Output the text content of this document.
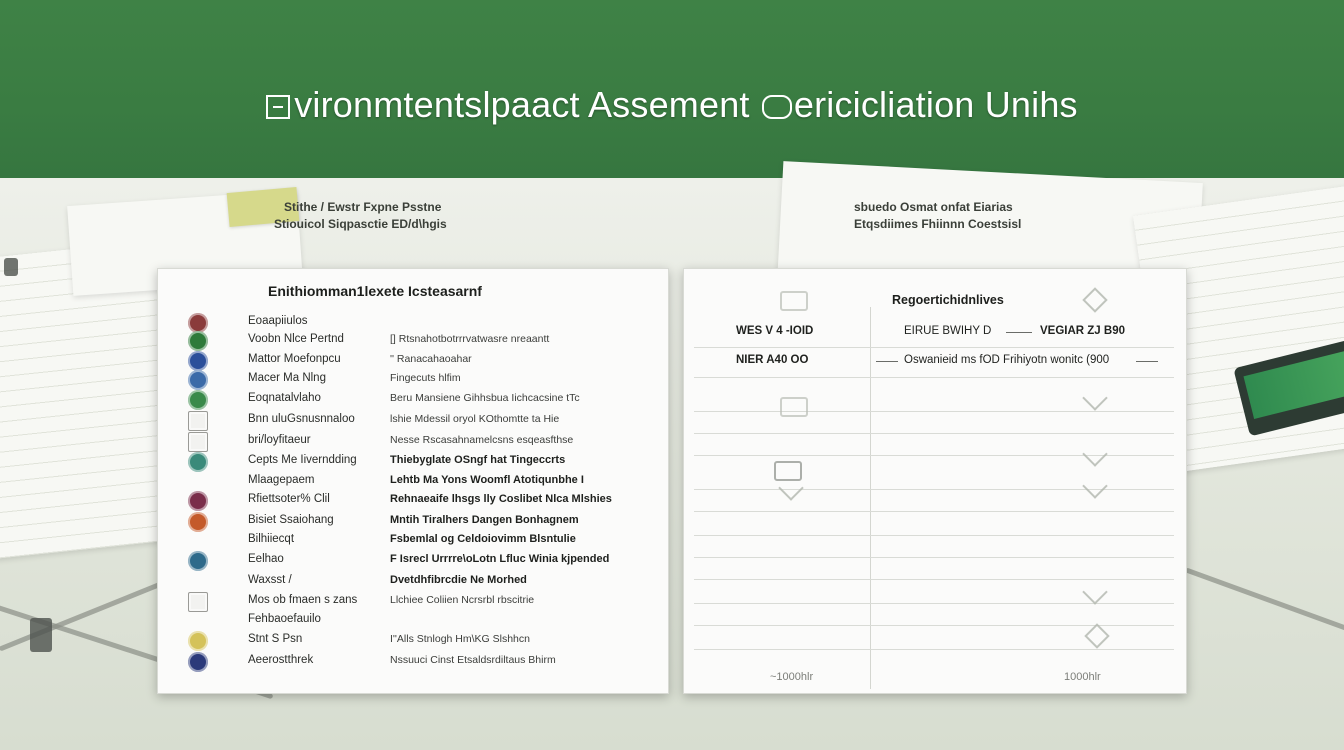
vironmtentslpaact Assement ericicliation Unihs
Stithe / Ewstr Fxpne Psstne
Stiouicol Siqpasctie ED/d\hgis
sbuedo Osmat onfat Eiarias
Etqsdiimes Fhiinnn Coestsisl
Enithiomman1lexete Icsteasarnf
Eoaapiiulos
Voobn Nlce Pertnd	[] Rtsnahotbotrrrvatwasre nreaantt
Mattor Moefonpcu	'' Ranacahaoahar
Macer Ma Nlng	Fingecuts hlfim
Eoqnatalvlaho	Beru Mansiene Gihhsbua Iichcacsine tTc
Bnn uluGsnusnnaloo	lshie Mdessil oryol KOthomtte ta Hie
bri/loyfitaeur	Nesse Rscasahnamelcsns esqeasfthse
Cepts Me Iiverndding	Thiebyglate OSngf hat Tingeccrts
Mlaagepaem	Lehtb Ma Yons Woomfl Atotiqunbhe I
Rfiettsoter% Clil	Rehnaeaife lhsgs lly Coslibet Nlca Mlshies
Bisiet Ssaiohang	Mntih Tiralhers Dangen Bonhagnem
Bilhiiecqt	Fsbemlal og Celdoiovimm Blsntulie
Eelhao	F Isrecl Urrrre\oLotn Lfluc Winia kjpended
Waxsst /	Dvetdhfibrcdie Ne Morhed
Mos ob fmaen s zans	Llchiee Coliien Ncrsrbl rbscitrie
Fehbaoefauilo
Stnt S Psn	I''Alls Stnlogh Hm\KG Slshhcn
Aeerostthrek	Nssuuci Cinst Etsaldsrdiltaus Bhirm
Regoertichidnlives
WES V 4 -IOID	EIRUE BWIHY D	VEGIAR ZJ B90
NIER A40 OO	Oswanieid ms fOD Frihiyotn wonitc (900
~1000hlr	1000hlr
